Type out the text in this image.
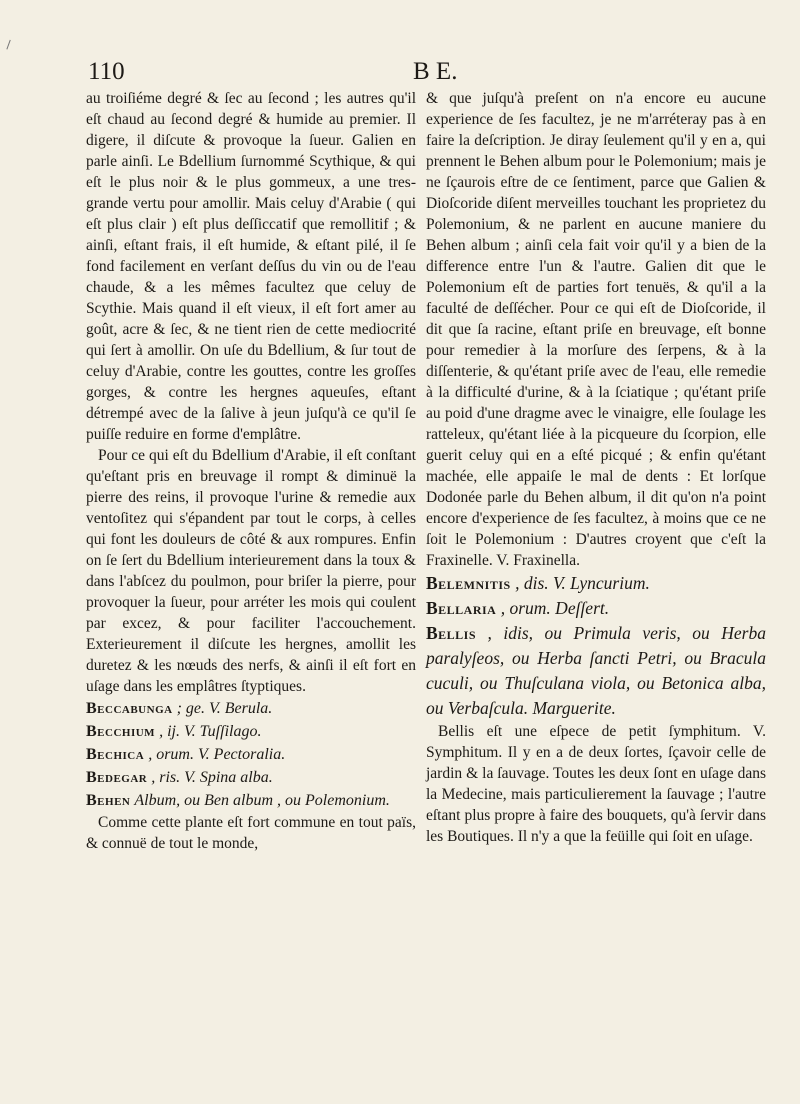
110	B E.

au troiſiéme degré & ſec au ſecond ; les autres qu'il eſt chaud au ſecond degré & humide au premier. Il digere, il diſcute & provoque la ſueur. Galien en parle ainſi. Le Bdellium ſurnommé Scythique, & qui eſt le plus noir & le plus gommeux, a une tres-grande vertu pour amollir. Mais celuy d'Arabie ( qui eſt plus clair ) eſt plus deſſiccatif que remollitif ; & ainſi, eſtant frais, il eſt humide, & eſtant pilé, il ſe fond facilement en verſant deſſus du vin ou de l'eau chaude, & a les mêmes facultez que celuy de Scythie. Mais quand il eſt vieux, il eſt fort amer au goût, acre & ſec, & ne tient rien de cette mediocrité qui ſert à amollir. On uſe du Bdellium, & ſur tout de celuy d'Arabie, contre les gouttes, contre les groſſes gorges, & contre les hergnes aqueuſes, eſtant détrempé avec de la ſalive à jeun juſqu'à ce qu'il ſe puiſſe reduire en forme d'emplâtre.

Pour ce qui eſt du Bdellium d'Arabie, il eſt conſtant qu'eſtant pris en breuvage il rompt & diminuë la pierre des reins, il provoque l'urine & remedie aux ventoſitez qui s'épandent par tout le corps, à celles qui font les douleurs de côté & aux rompures. Enfin on ſe ſert du Bdellium interieurement dans la toux & dans l'abſcez du poulmon, pour briſer la pierre, pour provoquer la ſueur, pour arréter les mois qui coulent par excez, & pour faciliter l'accouchement. Exterieurement il diſcute les hergnes, amollit les duretez & les nœuds des nerfs, & ainſi il eſt fort en uſage dans les emplâtres ſtyptiques.

Beccabunga ; ge. V. Berula.

Becchium , ij. V. Tuſſilago.

Bechica , orum. V. Pectoralia.

Bedegar , ris. V. Spina alba.

Behen Album, ou Ben album , ou Polemonium.

Comme cette plante eſt fort commune en tout païs, & connuë de tout le monde,

& que juſqu'à preſent on n'a encore eu aucune experience de ſes facultez, je ne m'arréteray pas à en faire la deſcription. Je diray ſeulement qu'il y en a, qui prennent le Behen album pour le Polemonium; mais je ne ſçaurois eſtre de ce ſentiment, parce que Galien & Dioſcoride diſent merveilles touchant les proprietez du Polemonium, & ne parlent en aucune maniere du Behen album ; ainſi cela fait voir qu'il y a bien de la difference entre l'un & l'autre. Galien dit que le Polemonium eſt de parties fort tenuës, & qu'il a la faculté de deſſécher. Pour ce qui eſt de Dioſcoride, il dit que ſa racine, eſtant priſe en breuvage, eſt bonne pour remedier à la morſure des ſerpens, & à la diſſenterie, & qu'étant priſe avec de l'eau, elle remedie à la difficulté d'urine, & à la ſciatique ; qu'étant priſe au poid d'une dragme avec le vinaigre, elle ſoulage les ratteleux, qu'étant liée à la picqueure du ſcorpion, elle guerit celuy qui en a eſté picqué ; & enfin qu'étant machée, elle appaiſe le mal de dents : Et lorſque Dodonée parle du Behen album, il dit qu'on n'a point encore d'experience de ſes facultez, à moins que ce ne ſoit le Polemonium : D'autres croyent que c'eſt la Fraxinelle. V. Fraxinella.

Belemnitis , dis. V. Lyncurium.

Bellaria , orum. Deſſert.

Bellis , idis, ou Primula veris, ou Herba paralyſeos, ou Herba ſancti Petri, ou Bracula cuculi, ou Thuſculana viola, ou Betonica alba, ou Verbaſcula. Marguerite.

Bellis eſt une eſpece de petit ſymphitum. V. Symphitum. Il y en a de deux ſortes, ſçavoir celle de jardin & la ſauvage. Toutes les deux ſont en uſage dans la Medecine, mais particulierement la ſauvage ; l'autre eſtant plus propre à faire des bouquets, qu'à ſervir dans les Boutiques. Il n'y a que la feüille qui ſoit en uſage.
